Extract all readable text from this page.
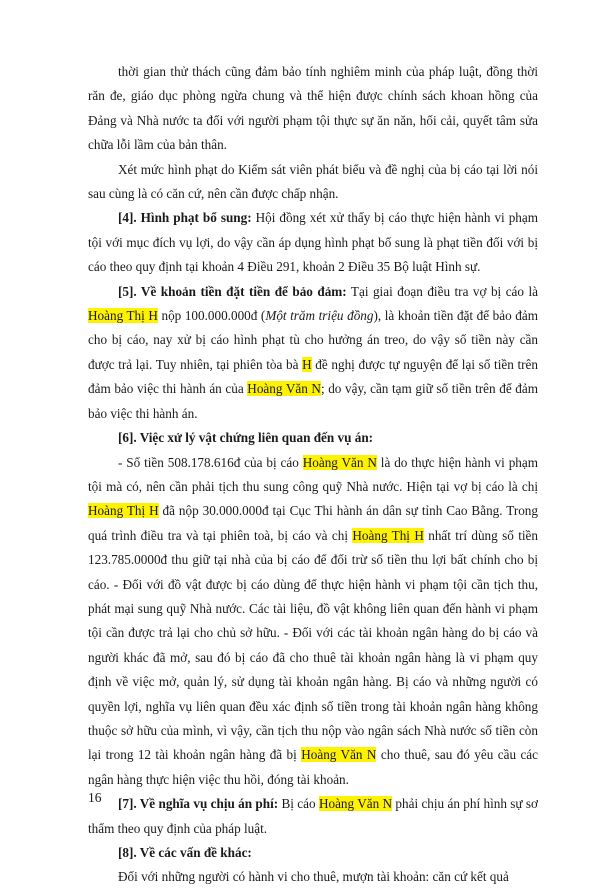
thời gian thử thách cũng đảm bảo tính nghiêm minh của pháp luật, đồng thời răn đe, giáo dục phòng ngừa chung và thể hiện được chính sách khoan hồng của Đảng và Nhà nước ta đối với người phạm tội thực sự ăn năn, hối cải, quyết tâm sửa chữa lỗi lầm của bản thân.

Xét mức hình phạt do Kiểm sát viên phát biểu và đề nghị của bị cáo tại lời nói sau cùng là có căn cứ, nên cần được chấp nhận.

[4]. Hình phạt bổ sung: Hội đồng xét xử thấy bị cáo thực hiện hành vi phạm tội với mục đích vụ lợi, do vậy cần áp dụng hình phạt bổ sung là phạt tiền đối với bị cáo theo quy định tại khoản 4 Điều 291, khoản 2 Điều 35 Bộ luật Hình sự.

[5]. Về khoản tiền đặt tiền để bảo đảm: Tại giai đoạn điều tra vợ bị cáo là Hoàng Thị H nộp 100.000.000đ (Một trăm triệu đồng), là khoản tiền đặt để bảo đảm cho bị cáo, nay xử bị cáo hình phạt tù cho hưởng án treo, do vậy số tiền này cần được trả lại. Tuy nhiên, tại phiên tòa bà H đề nghị được tự nguyện để lại số tiền trên đảm bảo việc thi hành án của Hoàng Văn N; do vậy, cần tạm giữ số tiền trên để đảm bảo việc thi hành án.

[6]. Việc xử lý vật chứng liên quan đến vụ án:

- Số tiền 508.178.616đ của bị cáo Hoàng Văn N là do thực hiện hành vi phạm tội mà có, nên cần phải tịch thu sung công quỹ Nhà nước. Hiện tại vợ bị cáo là chị Hoàng Thị H đã nộp 30.000.000đ tại Cục Thi hành án dân sự tỉnh Cao Bằng. Trong quá trình điều tra và tại phiên toà, bị cáo và chị Hoàng Thị H nhất trí dùng số tiền 123.785.0000đ thu giữ tại nhà của bị cáo để đối trừ số tiền thu lợi bất chính cho bị cáo. - Đối với đồ vật được bị cáo dùng để thực hiện hành vi phạm tội cần tịch thu, phát mại sung quỹ Nhà nước. Các tài liệu, đồ vật không liên quan đến hành vi phạm tội cần được trả lại cho chủ sở hữu. - Đối với các tài khoản ngân hàng do bị cáo và người khác đã mở, sau đó bị cáo đã cho thuê tài khoản ngân hàng là vi phạm quy định về việc mở, quản lý, sử dụng tài khoản ngân hàng. Bị cáo và những người có quyền lợi, nghĩa vụ liên quan đều xác định số tiền trong tài khoản ngân hàng không thuộc sở hữu của mình, vì vậy, cần tịch thu nộp vào ngân sách Nhà nước số tiền còn lại trong 12 tài khoản ngân hàng đã bị Hoàng Văn N cho thuê, sau đó yêu cầu các ngân hàng thực hiện việc thu hồi, đóng tài khoản.

[7]. Về nghĩa vụ chịu án phí: Bị cáo Hoàng Văn N phải chịu án phí hình sự sơ thẩm theo quy định của pháp luật.

[8]. Về các vấn đề khác:

Đối với những người có hành vi cho thuê, mượn tài khoản: căn cứ kết quả

16
